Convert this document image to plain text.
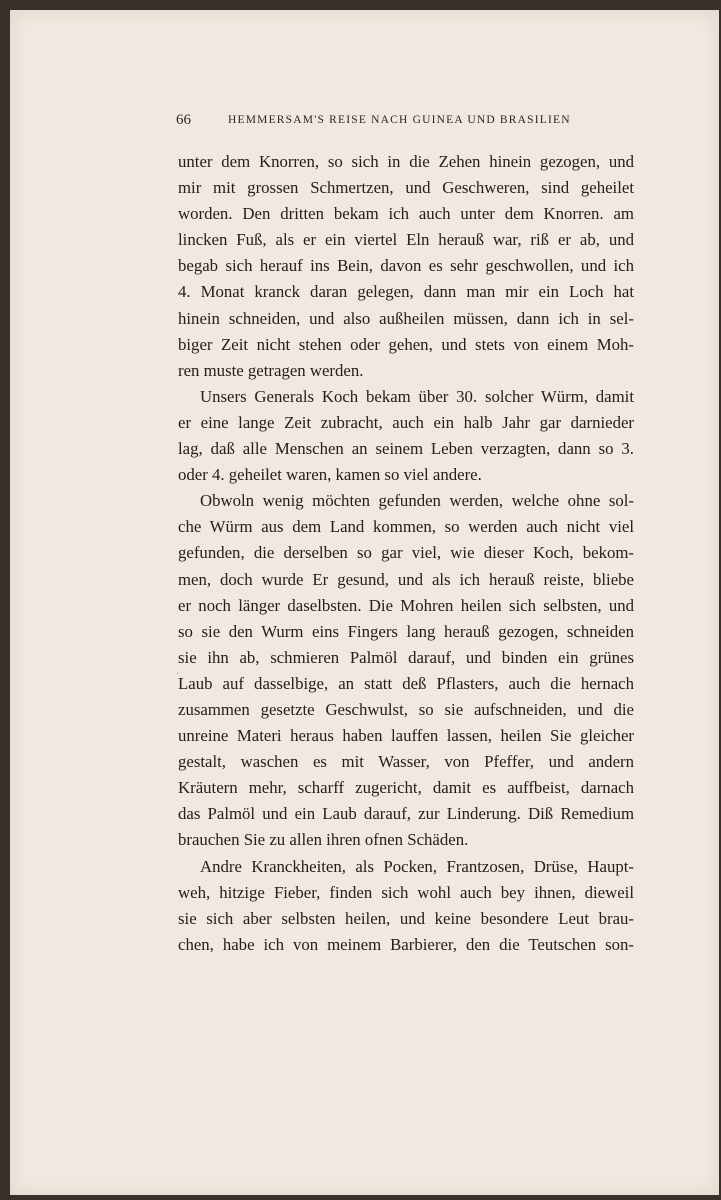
66	HEMMERSAM'S REISE NACH GUINEA UND BRASILIEN
·

unter dem Knorren, so sich in die Zehen hinein gezogen, und
mir mit grossen Schmertzen, und Geschweren, sind geheilet
worden. Den dritten bekam ich auch unter dem Knorren. am
lincken Fuß, als er ein viertel Eln herauß war, riß er ab, und
begab sich herauf ins Bein, davon es sehr geschwollen, und ich
4. Monat kranck daran gelegen, dann man mir ein Loch hat
hinein schneiden, und also außheilen müssen, dann ich in sel-
biger Zeit nicht stehen oder gehen, und stets von einem Moh-
ren muste getragen werden.

Unsers Generals Koch bekam über 30. solcher Würm, damit
er eine lange Zeit zubracht, auch ein halb Jahr gar darnieder
lag, daß alle Menschen an seinem Leben verzagten, dann so 3.
oder 4. geheilet waren, kamen so viel andere.

Obwoln wenig möchten gefunden werden, welche ohne sol-
che Würm aus dem Land kommen, so werden auch nicht viel
gefunden, die derselben so gar viel, wie dieser Koch, bekom-
men, doch wurde Er gesund, und als ich herauß reiste, bliebe
er noch länger daselbsten. Die Mohren heilen sich selbsten, und
so sie den Wurm eins Fingers lang herauß gezogen, schneiden
sie ihn ab, schmieren Palmöl darauf, und binden ein grünes
Laub auf dasselbige, an statt deß Pflasters, auch die hernach
zusammen gesetzte Geschwulst, so sie aufschneiden, und die
unreine Materi heraus haben lauffen lassen, heilen Sie gleicher
gestalt, waschen es mit Wasser, von Pfeffer, und andern
Kräutern mehr, scharff zugericht, damit es auffbeist, darnach
das Palmöl und ein Laub darauf, zur Linderung. Diß Remedium
brauchen Sie zu allen ihren ofnen Schäden.

Andre Kranckheiten, als Pocken, Frantzosen, Drüse, Haupt-
weh, hitzige Fieber, finden sich wohl auch bey ihnen, dieweil
sie sich aber selbsten heilen, und keine besondere Leut brau-
chen, habe ich von meinem Barbierer, den die Teutschen son-
